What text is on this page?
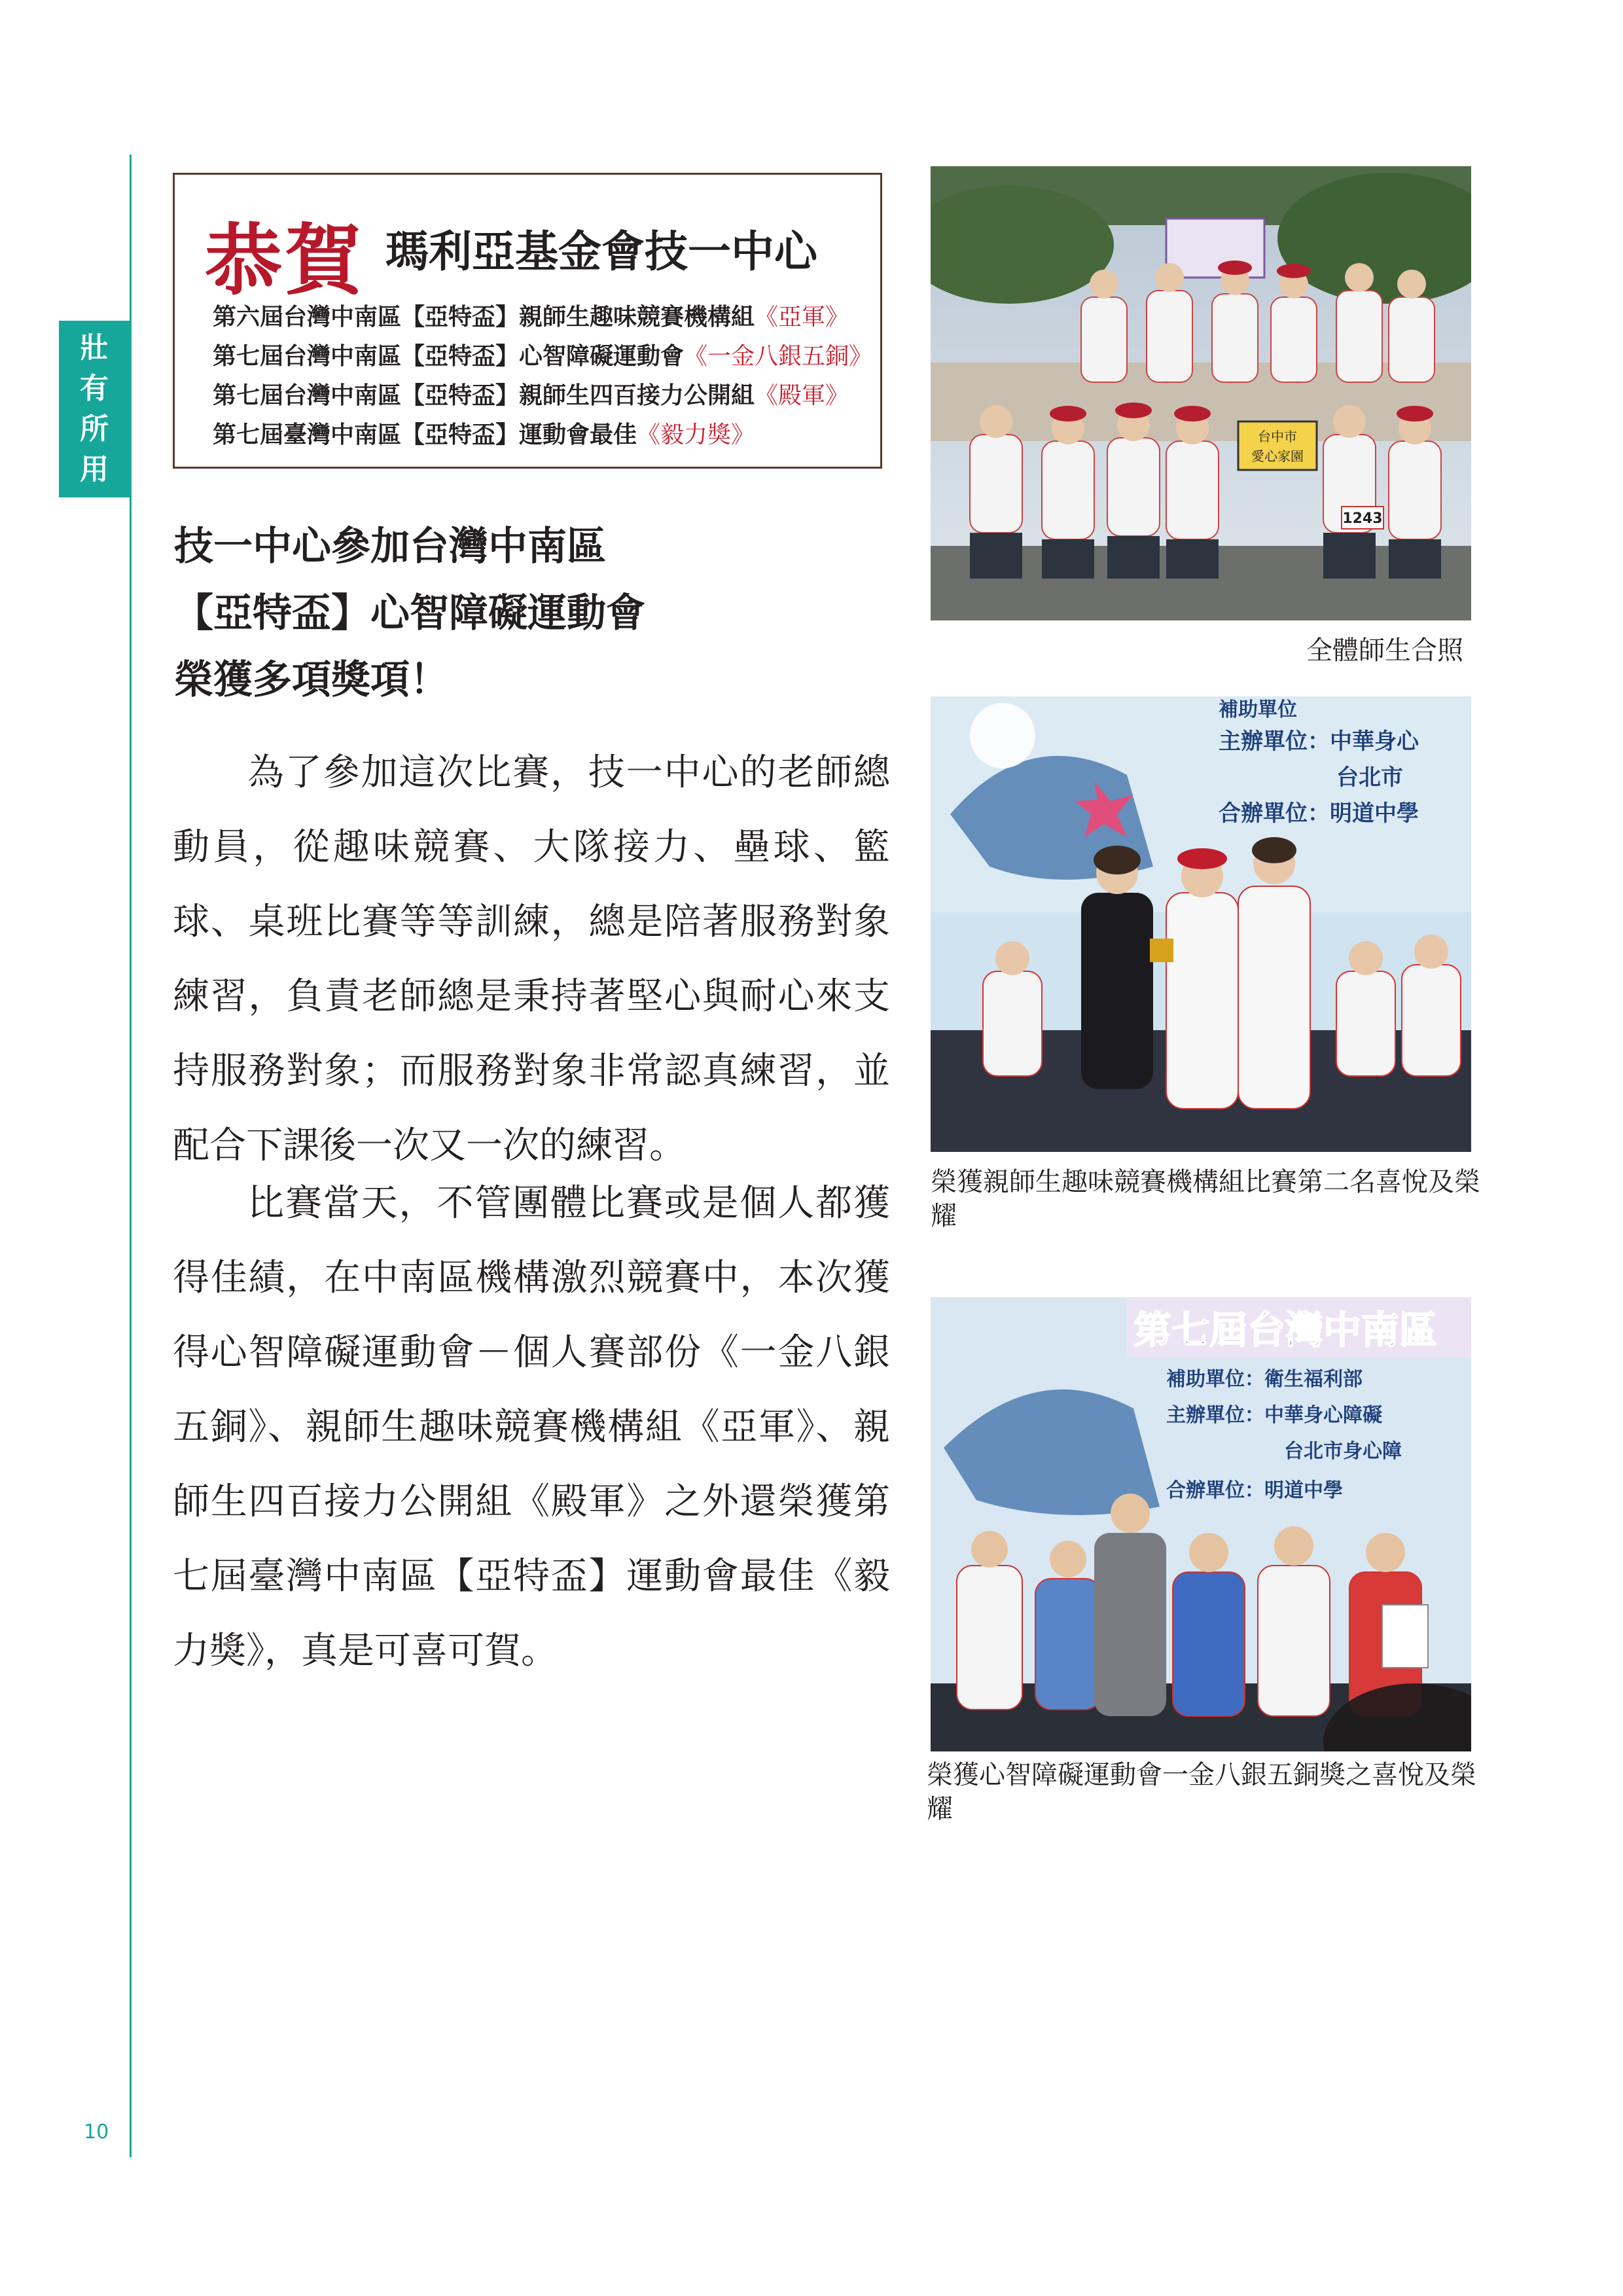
壯
有
所
用
10
恭賀 瑪利亞基金會技一中心
第六屆台灣中南區【亞特盃】親師生趣味競賽機構組《亞軍》
第七屆台灣中南區【亞特盃】心智障礙運動會《一金八銀五銅》
第七屆台灣中南區【亞特盃】親師生四百接力公開組《殿軍》
第七屆臺灣中南區【亞特盃】運動會最佳《毅力獎》
技一中心參加台灣中南區
【亞特盃】心智障礙運動會
榮獲多項獎項！

為了參加這次比賽，技一中心的老師總動員，從趣味競賽、大隊接力、壘球、籃球、桌班比賽等等訓練，總是陪著服務對象練習，負責老師總是秉持著堅心與耐心來支持服務對象；而服務對象非常認真練習，並配合下課後一次又一次的練習。

比賽當天，不管團體比賽或是個人都獲得佳績，在中南區機構激烈競賽中，本次獲得心智障礙運動會－個人賽部份《一金八銀五銅》、親師生趣味競賽機構組《亞軍》、親師生四百接力公開組《殿軍》之外還榮獲第七屆臺灣中南區【亞特盃】運動會最佳《毅力獎》，真是可喜可賀。

台中市
愛心家園
1243
全體師生合照
補助單位
主辦單位：中華身心
台北市
合辦單位：明道中學
榮獲親師生趣味競賽機構組比賽第二名喜悅及榮耀
第七屆台灣中南區
補助單位：衛生福利部
主辦單位：中華身心障礙
台北市身心障
合辦單位：明道中學
榮獲心智障礙運動會一金八銀五銅獎之喜悅及榮耀
